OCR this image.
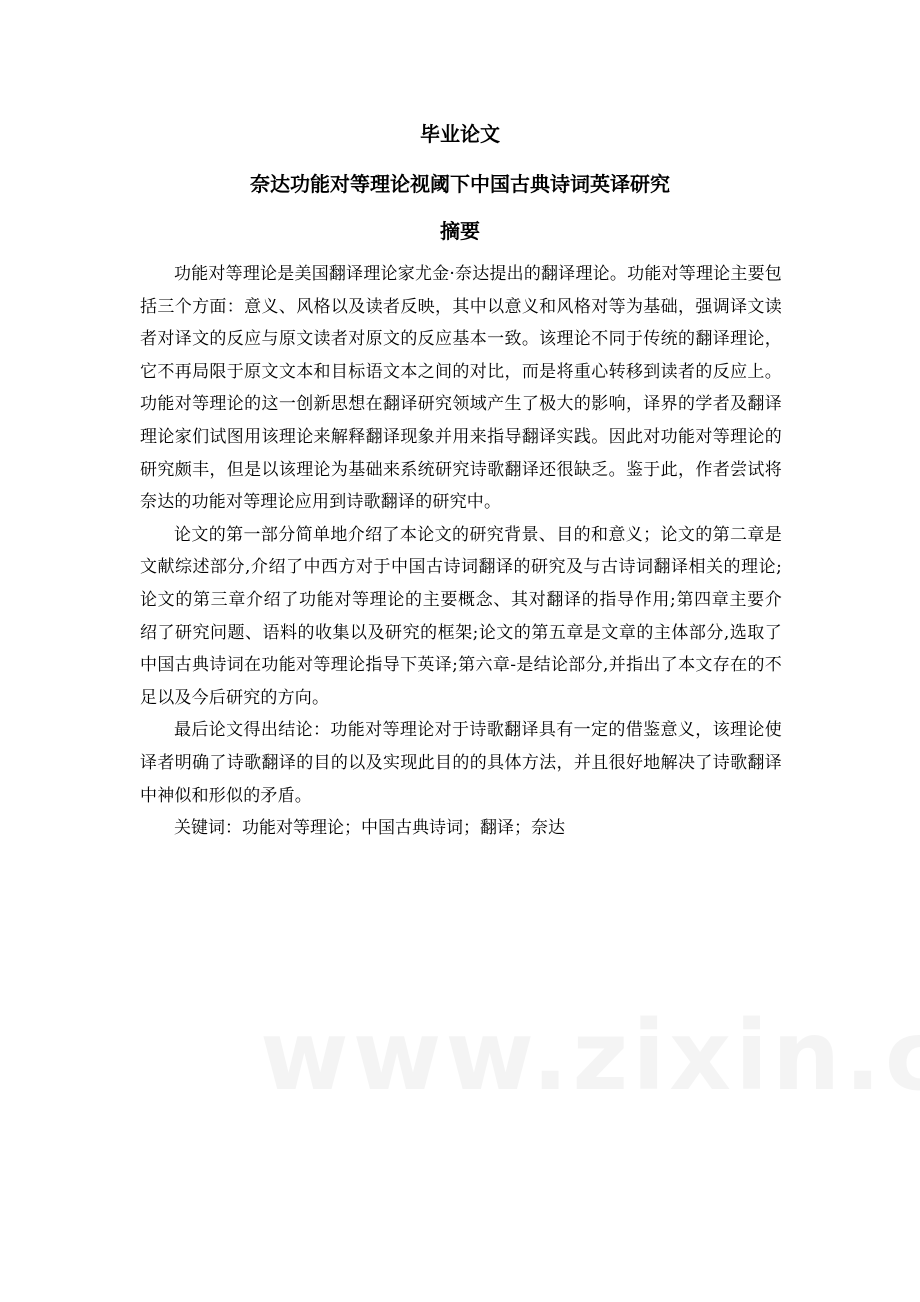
毕业论文
奈达功能对等理论视阈下中国古典诗词英译研究
摘要

功能对等理论是美国翻译理论家尤金·奈达提出的翻译理论。功能对等理论主要包括三个方面：意义、风格以及读者反映，其中以意义和风格对等为基础，强调译文读者对译文的反应与原文读者对原文的反应基本一致。该理论不同于传统的翻译理论，它不再局限于原文文本和目标语文本之间的对比，而是将重心转移到读者的反应上。功能对等理论的这一创新思想在翻译研究领域产生了极大的影响，译界的学者及翻译理论家们试图用该理论来解释翻译现象并用来指导翻译实践。因此对功能对等理论的研究颇丰，但是以该理论为基础来系统研究诗歌翻译还很缺乏。鉴于此，作者尝试将奈达的功能对等理论应用到诗歌翻译的研究中。

论文的第一部分简单地介绍了本论文的研究背景、目的和意义；论文的第二章是文献综述部分,介绍了中西方对于中国古诗词翻译的研究及与古诗词翻译相关的理论;论文的第三章介绍了功能对等理论的主要概念、其对翻译的指导作用;第四章主要介绍了研究问题、语料的收集以及研究的框架;论文的第五章是文章的主体部分,选取了中国古典诗词在功能对等理论指导下英译;第六章-是结论部分,并指出了本文存在的不足以及今后研究的方向。

最后论文得出结论：功能对等理论对于诗歌翻译具有一定的借鉴意义，该理论使译者明确了诗歌翻译的目的以及实现此目的的具体方法，并且很好地解决了诗歌翻译中神似和形似的矛盾。

关键词：功能对等理论；中国古典诗词；翻译；奈达
